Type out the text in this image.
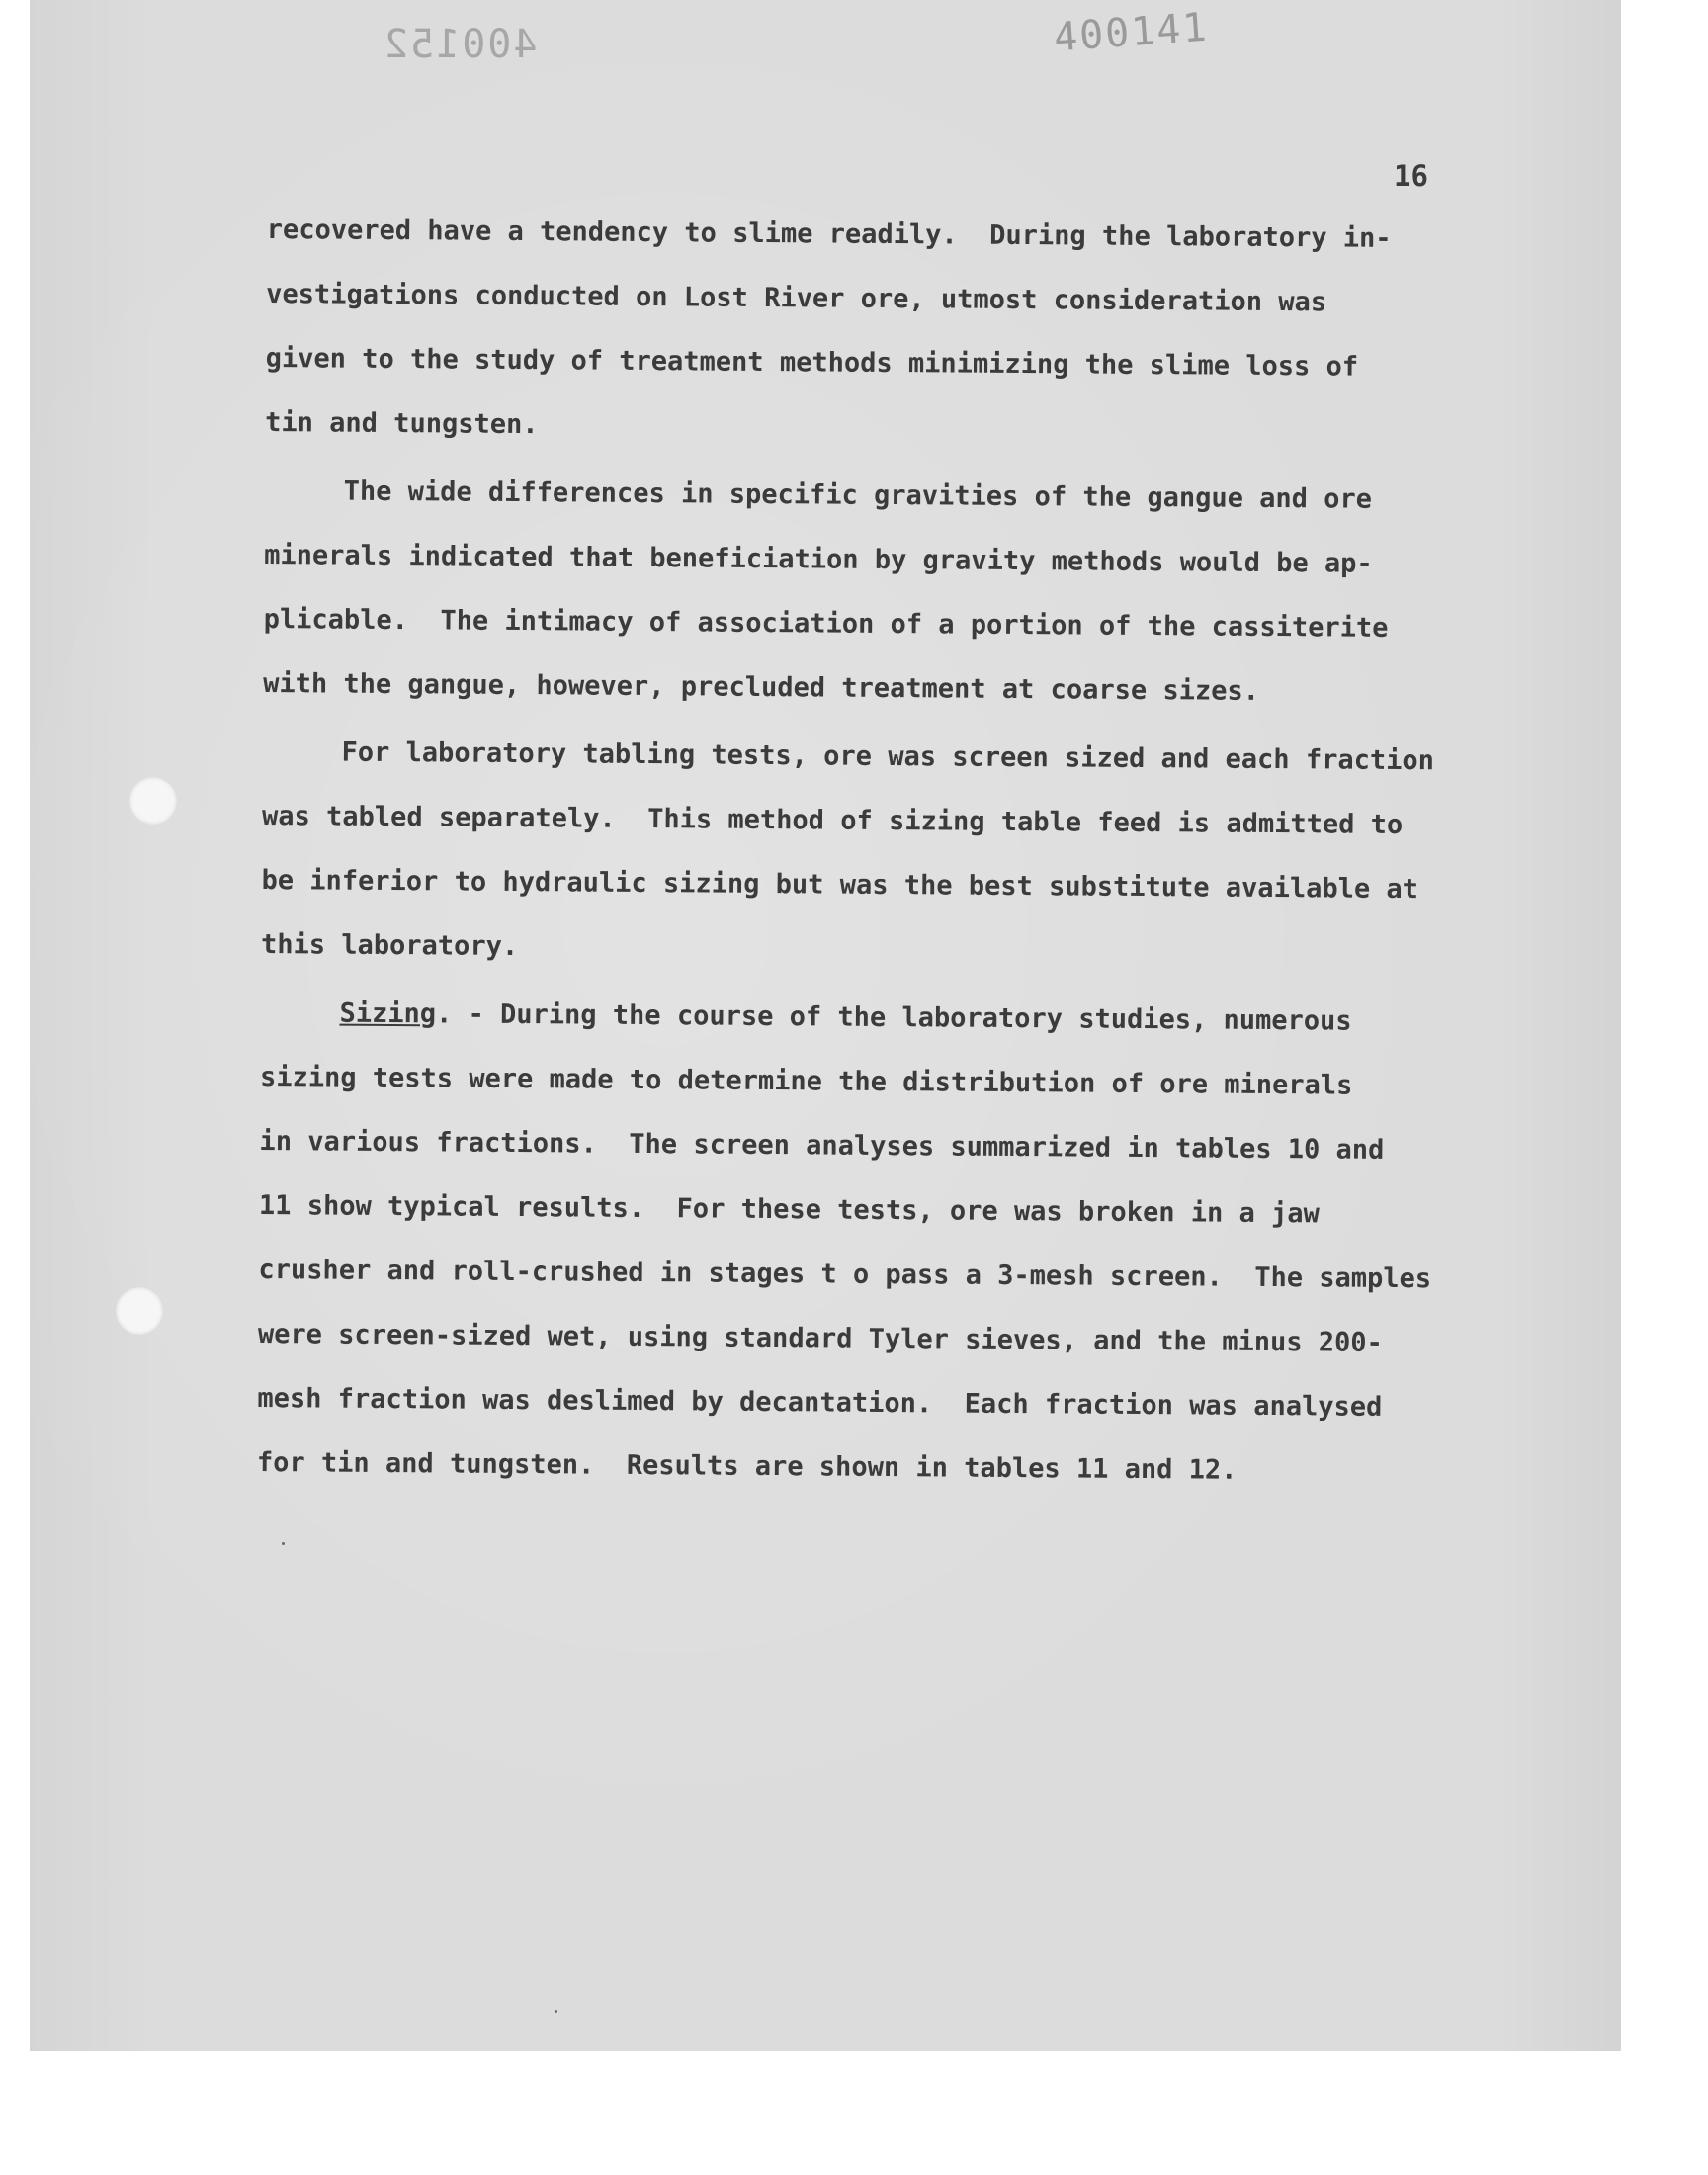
400152	400141
16
recovered have a tendency to slime readily.  During the laboratory in-
vestigations conducted on Lost River ore, utmost consideration was
given to the study of treatment methods minimizing the slime loss of
tin and tungsten.
The wide differences in specific gravities of the gangue and ore
minerals indicated that beneficiation by gravity methods would be ap-
plicable.  The intimacy of association of a portion of the cassiterite
with the gangue, however, precluded treatment at coarse sizes.
For laboratory tabling tests, ore was screen sized and each fraction
was tabled separately.  This method of sizing table feed is admitted to
be inferior to hydraulic sizing but was the best substitute available at
this laboratory.
Sizing. - During the course of the laboratory studies, numerous
sizing tests were made to determine the distribution of ore minerals
in various fractions.  The screen analyses summarized in tables 10 and
11 show typical results.  For these tests, ore was broken in a jaw
crusher and roll-crushed in stages t o pass a 3-mesh screen.  The samples
were screen-sized wet, using standard Tyler sieves, and the minus 200-
mesh fraction was deslimed by decantation.  Each fraction was analysed
for tin and tungsten.  Results are shown in tables 11 and 12.
